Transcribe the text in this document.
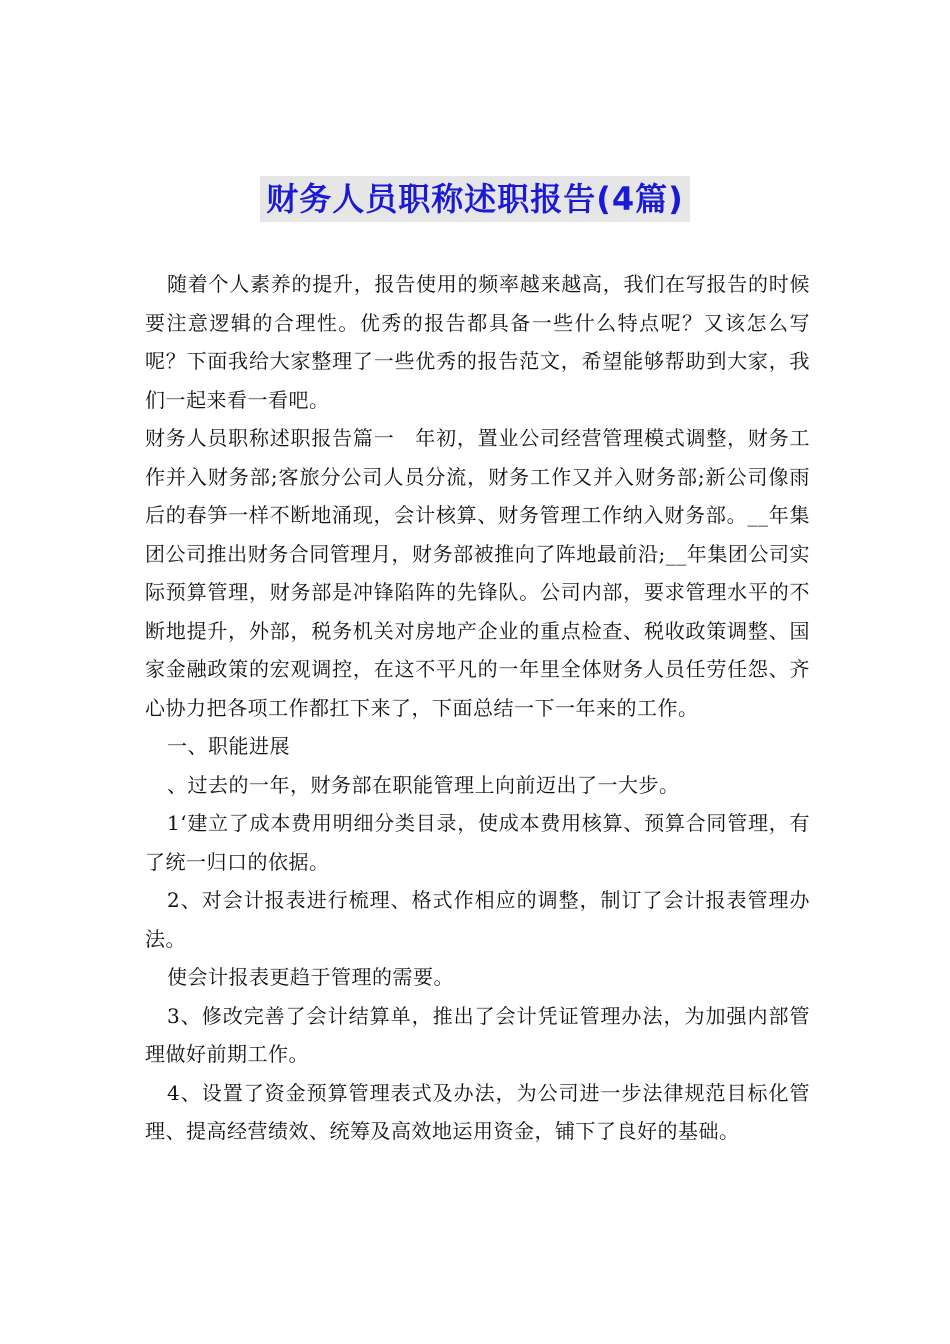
财务人员职称述职报告(4篇)

随着个人素养的提升，报告使用的频率越来越高，我们在写报告的时候要注意逻辑的合理性。优秀的报告都具备一些什么特点呢？又该怎么写呢？下面我给大家整理了一些优秀的报告范文，希望能够帮助到大家，我们一起来看一看吧。

财务人员职称述职报告篇一　年初，置业公司经营管理模式调整，财务工作并入财务部;客旅分公司人员分流，财务工作又并入财务部;新公司像雨后的春笋一样不断地涌现，会计核算、财务管理工作纳入财务部。__年集团公司推出财务合同管理月，财务部被推向了阵地最前沿;__年集团公司实际预算管理，财务部是冲锋陷阵的先锋队。公司内部，要求管理水平的不断地提升，外部，税务机关对房地产企业的重点检查、税收政策调整、国家金融政策的宏观调控，在这不平凡的一年里全体财务人员任劳任怨、齐心协力把各项工作都扛下来了，下面总结一下一年来的工作。

一、职能进展

、过去的一年，财务部在职能管理上向前迈出了一大步。

1‘建立了成本费用明细分类目录，使成本费用核算、预算合同管理，有了统一归口的依据。

2、对会计报表进行梳理、格式作相应的调整，制订了会计报表管理办法。

使会计报表更趋于管理的需要。

3、修改完善了会计结算单，推出了会计凭证管理办法，为加强内部管理做好前期工作。

4、设置了资金预算管理表式及办法，为公司进一步法律规范目标化管理、提高经营绩效、统筹及高效地运用资金，铺下了良好的基础。
